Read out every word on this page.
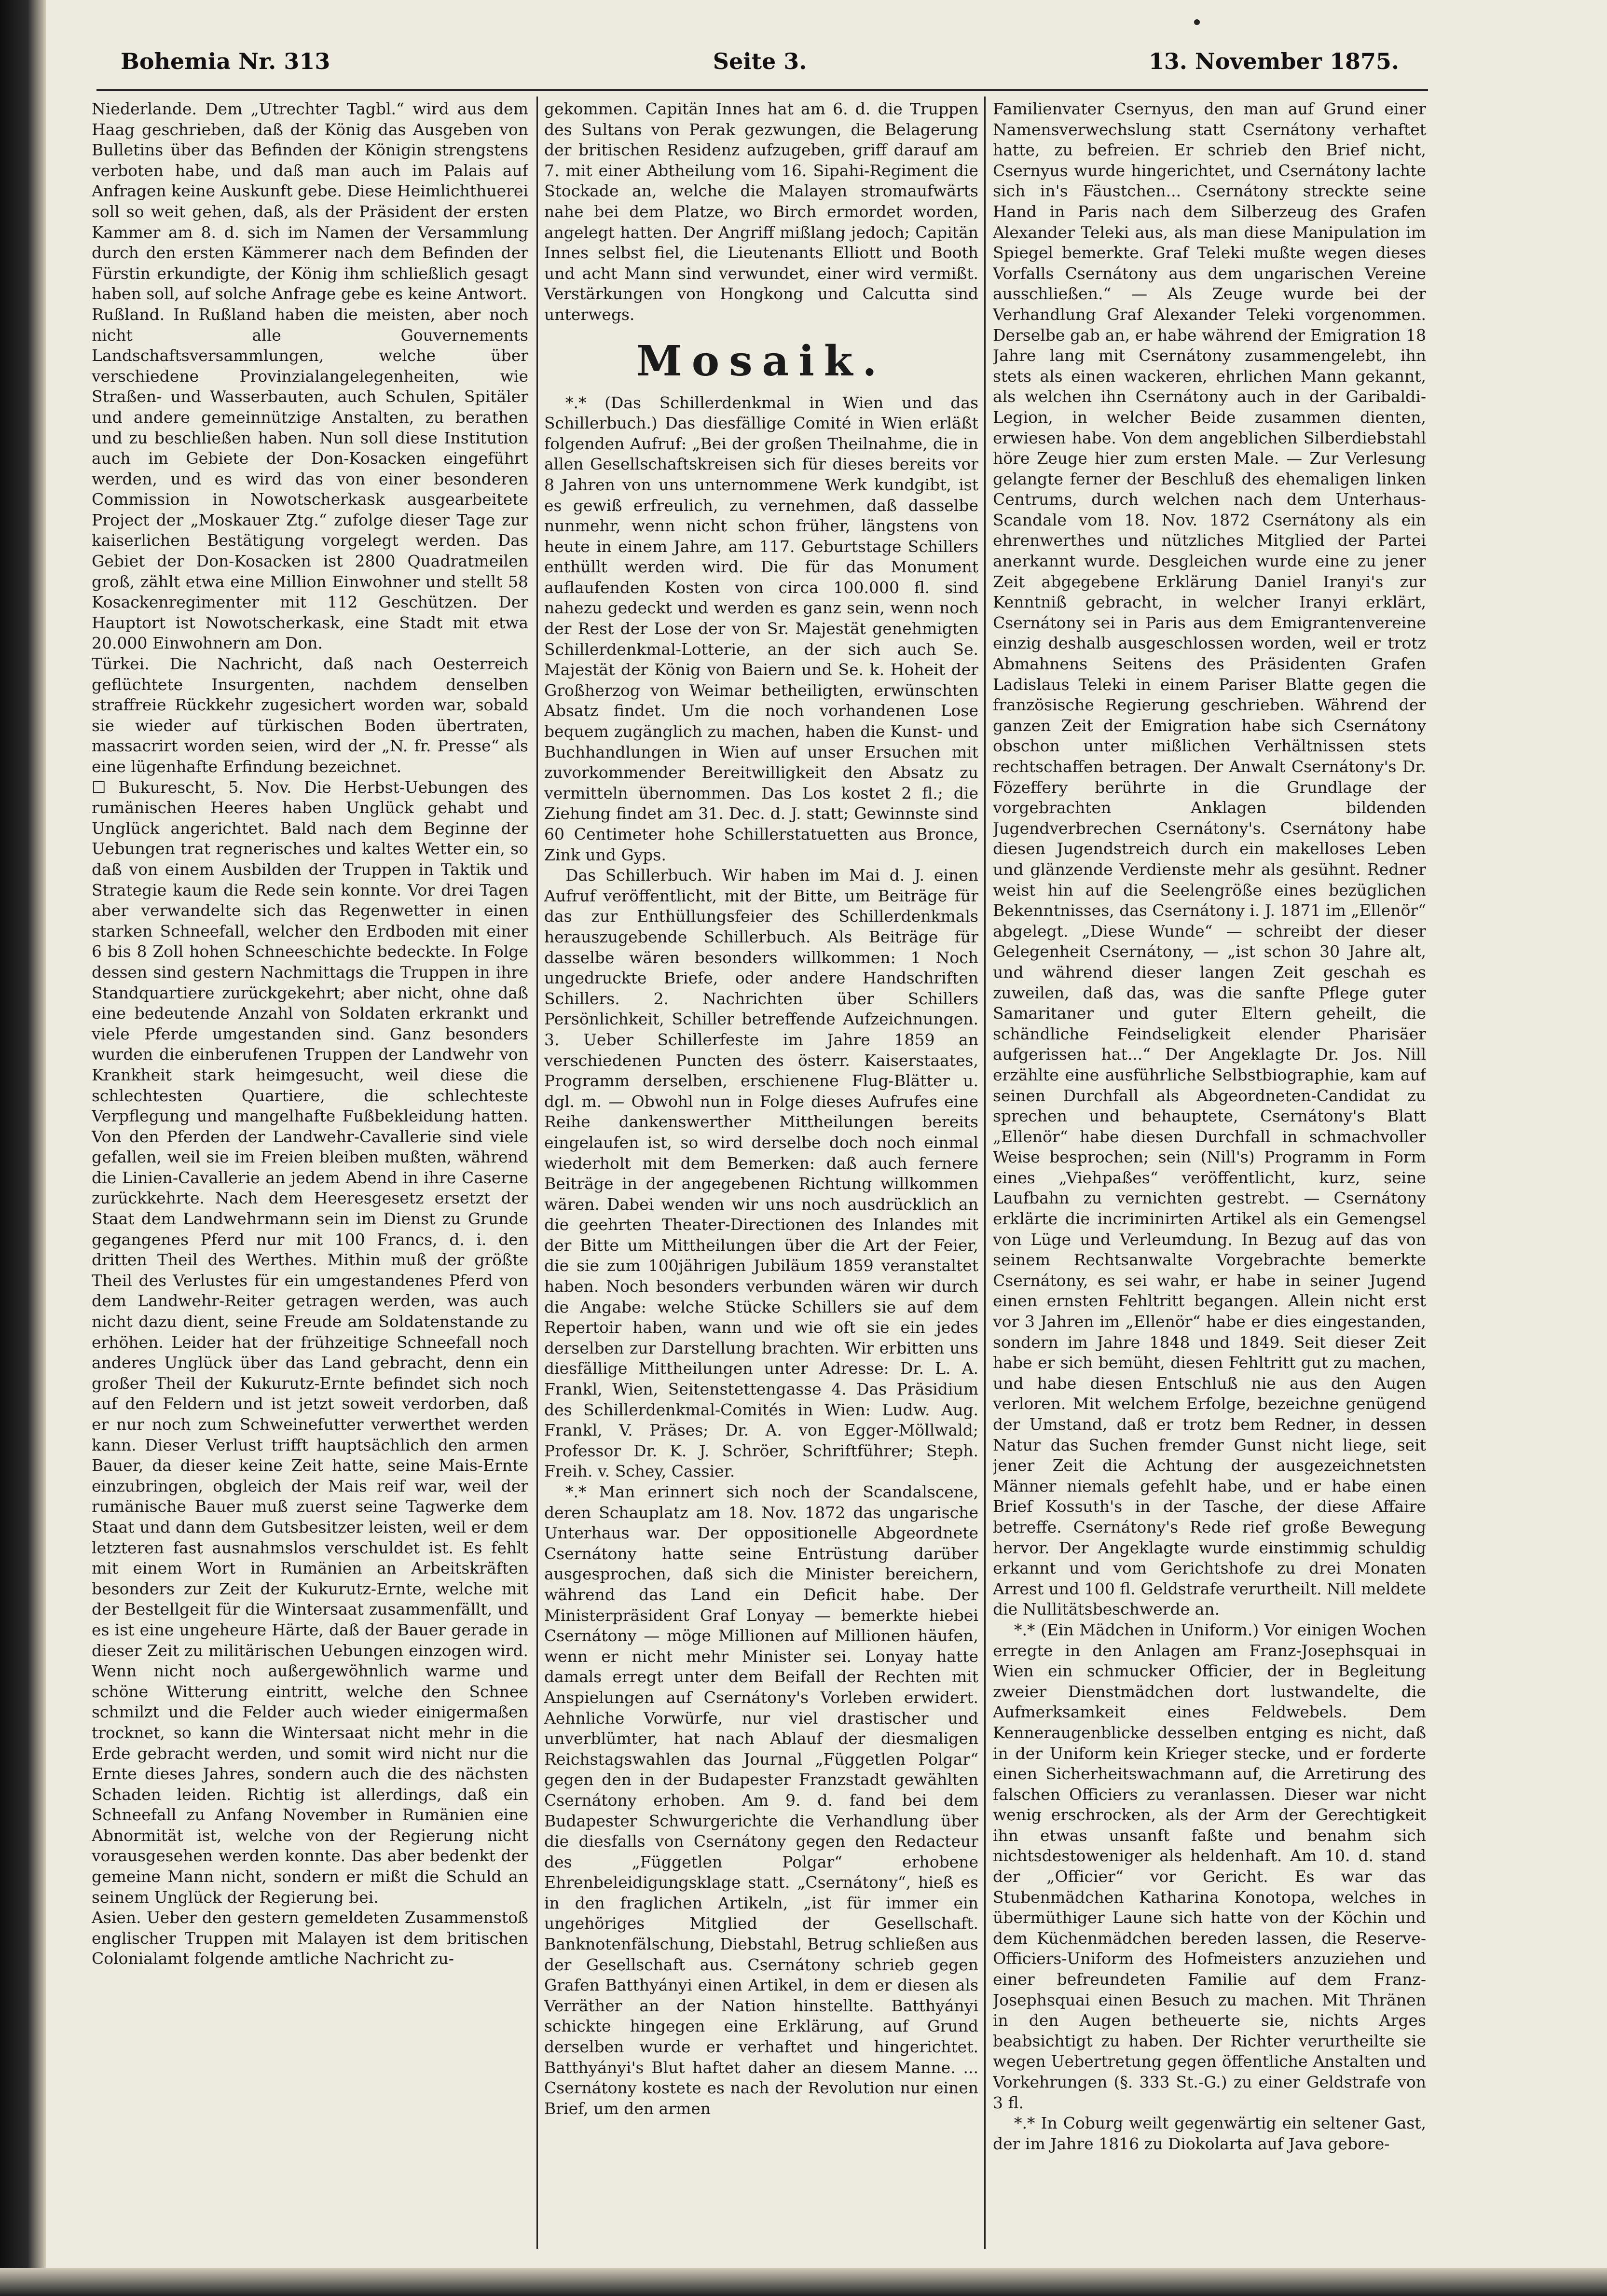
Bohemia Nr. 313	Seite 3.	13. November 1875.

Niederlande. Dem „Utrechter Tagbl.“ wird aus dem Haag geschrieben, daß der König das Ausgeben von Bulletins über das Befinden der Königin strengstens verboten habe, und daß man auch im Palais auf Anfragen keine Auskunft gebe. Diese Heimlichthuerei soll so weit gehen, daß, als der Präsident der ersten Kammer am 8. d. sich im Namen der Versammlung durch den ersten Kämmerer nach dem Befinden der Fürstin erkundigte, der König ihm schließlich gesagt haben soll, auf solche Anfrage gebe es keine Antwort.

Rußland. In Rußland haben die meisten, aber noch nicht alle Gouvernements Landschaftsversammlungen, welche über verschiedene Provinzialangelegenheiten, wie Straßen- und Wasserbauten, auch Schulen, Spitäler und andere gemeinnützige Anstalten, zu berathen und zu beschließen haben. Nun soll diese Institution auch im Gebiete der Don-Kosacken eingeführt werden, und es wird das von einer besonderen Commission in Nowotscherkask ausgearbeitete Project der „Moskauer Ztg.“ zufolge dieser Tage zur kaiserlichen Bestätigung vorgelegt werden. Das Gebiet der Don-Kosacken ist 2800 Quadratmeilen groß, zählt etwa eine Million Einwohner und stellt 58 Kosackenregimenter mit 112 Geschützen. Der Hauptort ist Nowotscherkask, eine Stadt mit etwa 20.000 Einwohnern am Don.

Türkei. Die Nachricht, daß nach Oesterreich geflüchtete Insurgenten, nachdem denselben straffreie Rückkehr zugesichert worden war, sobald sie wieder auf türkischen Boden übertraten, massacrirt worden seien, wird der „N. fr. Presse“ als eine lügenhafte Erfindung bezeichnet.

☐ Bukurescht, 5. Nov. Die Herbst-Uebungen des rumänischen Heeres haben Unglück gehabt und Unglück angerichtet. Bald nach dem Beginne der Uebungen trat regnerisches und kaltes Wetter ein, so daß von einem Ausbilden der Truppen in Taktik und Strategie kaum die Rede sein konnte. Vor drei Tagen aber verwandelte sich das Regenwetter in einen starken Schneefall, welcher den Erdboden mit einer 6 bis 8 Zoll hohen Schneeschichte bedeckte. In Folge dessen sind gestern Nachmittags die Truppen in ihre Standquartiere zurückgekehrt; aber nicht, ohne daß eine bedeutende Anzahl von Soldaten erkrankt und viele Pferde umgestanden sind. Ganz besonders wurden die einberufenen Truppen der Landwehr von Krankheit stark heimgesucht, weil diese die schlechtesten Quartiere, die schlechteste Verpflegung und mangelhafte Fußbekleidung hatten. Von den Pferden der Landwehr-Cavallerie sind viele gefallen, weil sie im Freien bleiben mußten, während die Linien-Cavallerie an jedem Abend in ihre Caserne zurückkehrte. Nach dem Heeresgesetz ersetzt der Staat dem Landwehrmann sein im Dienst zu Grunde gegangenes Pferd nur mit 100 Francs, d. i. den dritten Theil des Werthes. Mithin muß der größte Theil des Verlustes für ein umgestandenes Pferd von dem Landwehr-Reiter getragen werden, was auch nicht dazu dient, seine Freude am Soldatenstande zu erhöhen. Leider hat der frühzeitige Schneefall noch anderes Unglück über das Land gebracht, denn ein großer Theil der Kukurutz-Ernte befindet sich noch auf den Feldern und ist jetzt soweit verdorben, daß er nur noch zum Schweinefutter verwerthet werden kann. Dieser Verlust trifft hauptsächlich den armen Bauer, da dieser keine Zeit hatte, seine Mais-Ernte einzubringen, obgleich der Mais reif war, weil der rumänische Bauer muß zuerst seine Tagwerke dem Staat und dann dem Gutsbesitzer leisten, weil er dem letzteren fast ausnahmslos verschuldet ist. Es fehlt mit einem Wort in Rumänien an Arbeitskräften besonders zur Zeit der Kukurutz-Ernte, welche mit der Bestellgeit für die Wintersaat zusammenfällt, und es ist eine ungeheure Härte, daß der Bauer gerade in dieser Zeit zu militärischen Uebungen einzogen wird. Wenn nicht noch außergewöhnlich warme und schöne Witterung eintritt, welche den Schnee schmilzt und die Felder auch wieder einigermaßen trocknet, so kann die Wintersaat nicht mehr in die Erde gebracht werden, und somit wird nicht nur die Ernte dieses Jahres, sondern auch die des nächsten Schaden leiden. Richtig ist allerdings, daß ein Schneefall zu Anfang November in Rumänien eine Abnormität ist, welche von der Regierung nicht vorausgesehen werden konnte. Das aber bedenkt der gemeine Mann nicht, sondern er mißt die Schuld an seinem Unglück der Regierung bei.

Asien. Ueber den gestern gemeldeten Zusammenstoß englischer Truppen mit Malayen ist dem britischen Colonialamt folgende amtliche Nachricht zu-

gekommen. Capitän Innes hat am 6. d. die Truppen des Sultans von Perak gezwungen, die Belagerung der britischen Residenz aufzugeben, griff darauf am 7. mit einer Abtheilung vom 16. Sipahi-Regiment die Stockade an, welche die Malayen stromaufwärts nahe bei dem Platze, wo Birch ermordet worden, angelegt hatten. Der Angriff mißlang jedoch; Capitän Innes selbst fiel, die Lieutenants Elliott und Booth und acht Mann sind verwundet, einer wird vermißt. Verstärkungen von Hongkong und Calcutta sind unterwegs.

Mosaik.

*.* (Das Schillerdenkmal in Wien und das Schillerbuch.) Das diesfällige Comité in Wien erläßt folgenden Aufruf: „Bei der großen Theilnahme, die in allen Gesellschaftskreisen sich für dieses bereits vor 8 Jahren von uns unternommene Werk kundgibt, ist es gewiß erfreulich, zu vernehmen, daß dasselbe nunmehr, wenn nicht schon früher, längstens von heute in einem Jahre, am 117. Geburtstage Schillers enthüllt werden wird. Die für das Monument auflaufenden Kosten von circa 100.000 fl. sind nahezu gedeckt und werden es ganz sein, wenn noch der Rest der Lose der von Sr. Majestät genehmigten Schillerdenkmal-Lotterie, an der sich auch Se. Majestät der König von Baiern und Se. k. Hoheit der Großherzog von Weimar betheiligten, erwünschten Absatz findet. Um die noch vorhandenen Lose bequem zugänglich zu machen, haben die Kunst- und Buchhandlungen in Wien auf unser Ersuchen mit zuvorkommender Bereitwilligkeit den Absatz zu vermitteln übernommen. Das Los kostet 2 fl.; die Ziehung findet am 31. Dec. d. J. statt; Gewinnste sind 60 Centimeter hohe Schillerstatuetten aus Bronce, Zink und Gyps.

Das Schillerbuch. Wir haben im Mai d. J. einen Aufruf veröffentlicht, mit der Bitte, um Beiträge für das zur Enthüllungsfeier des Schillerdenkmals herauszugebende Schillerbuch. Als Beiträge für dasselbe wären besonders willkommen: 1 Noch ungedruckte Briefe, oder andere Handschriften Schillers. 2. Nachrichten über Schillers Persönlichkeit, Schiller betreffende Aufzeichnungen. 3. Ueber Schillerfeste im Jahre 1859 an verschiedenen Puncten des österr. Kaiserstaates, Programm derselben, erschienene Flug-Blätter u. dgl. m. — Obwohl nun in Folge dieses Aufrufes eine Reihe dankenswerther Mittheilungen bereits eingelaufen ist, so wird derselbe doch noch einmal wiederholt mit dem Bemerken: daß auch fernere Beiträge in der angegebenen Richtung willkommen wären. Dabei wenden wir uns noch ausdrücklich an die geehrten Theater-Directionen des Inlandes mit der Bitte um Mittheilungen über die Art der Feier, die sie zum 100jährigen Jubiläum 1859 veranstaltet haben. Noch besonders verbunden wären wir durch die Angabe: welche Stücke Schillers sie auf dem Repertoir haben, wann und wie oft sie ein jedes derselben zur Darstellung brachten. Wir erbitten uns diesfällige Mittheilungen unter Adresse: Dr. L. A. Frankl, Wien, Seitenstettengasse 4. Das Präsidium des Schillerdenkmal-Comités in Wien: Ludw. Aug. Frankl, V. Präses; Dr. A. von Egger-Möllwald; Professor Dr. K. J. Schröer, Schriftführer; Steph. Freih. v. Schey, Cassier.

*.* Man erinnert sich noch der Scandalscene, deren Schauplatz am 18. Nov. 1872 das ungarische Unterhaus war. Der oppositionelle Abgeordnete Csernátony hatte seine Entrüstung darüber ausgesprochen, daß sich die Minister bereichern, während das Land ein Deficit habe. Der Ministerpräsident Graf Lonyay — bemerkte hiebei Csernátony — möge Millionen auf Millionen häufen, wenn er nicht mehr Minister sei. Lonyay hatte damals erregt unter dem Beifall der Rechten mit Anspielungen auf Csernátony's Vorleben erwidert. Aehnliche Vorwürfe, nur viel drastischer und unverblümter, hat nach Ablauf der diesmaligen Reichstagswahlen das Journal „Független Polgar“ gegen den in der Budapester Franzstadt gewählten Csernátony erhoben. Am 9. d. fand bei dem Budapester Schwurgerichte die Verhandlung über die diesfalls von Csernátony gegen den Redacteur des „Független Polgar“ erhobene Ehrenbeleidigungsklage statt. „Csernátony“, hieß es in den fraglichen Artikeln, „ist für immer ein ungehöriges Mitglied der Gesellschaft. Banknotenfälschung, Diebstahl, Betrug schließen aus der Gesellschaft aus. Csernátony schrieb gegen Grafen Batthyányi einen Artikel, in dem er diesen als Verräther an der Nation hinstellte. Batthyányi schickte hingegen eine Erklärung, auf Grund derselben wurde er verhaftet und hingerichtet. Batthyányi's Blut haftet daher an diesem Manne. ... Csernátony kostete es nach der Revolution nur einen Brief, um den armen

Familienvater Csernyus, den man auf Grund einer Namensverwechslung statt Csernátony verhaftet hatte, zu befreien. Er schrieb den Brief nicht, Csernyus wurde hingerichtet, und Csernátony lachte sich in's Fäustchen... Csernátony streckte seine Hand in Paris nach dem Silberzeug des Grafen Alexander Teleki aus, als man diese Manipulation im Spiegel bemerkte. Graf Teleki mußte wegen dieses Vorfalls Csernátony aus dem ungarischen Vereine ausschließen.“ — Als Zeuge wurde bei der Verhandlung Graf Alexander Teleki vorgenommen. Derselbe gab an, er habe während der Emigration 18 Jahre lang mit Csernátony zusammengelebt, ihn stets als einen wackeren, ehrlichen Mann gekannt, als welchen ihn Csernátony auch in der Garibaldi-Legion, in welcher Beide zusammen dienten, erwiesen habe. Von dem angeblichen Silberdiebstahl höre Zeuge hier zum ersten Male. — Zur Verlesung gelangte ferner der Beschluß des ehemaligen linken Centrums, durch welchen nach dem Unterhaus-Scandale vom 18. Nov. 1872 Csernátony als ein ehrenwerthes und nützliches Mitglied der Partei anerkannt wurde. Desgleichen wurde eine zu jener Zeit abgegebene Erklärung Daniel Iranyi's zur Kenntniß gebracht, in welcher Iranyi erklärt, Csernátony sei in Paris aus dem Emigrantenvereine einzig deshalb ausgeschlossen worden, weil er trotz Abmahnens Seitens des Präsidenten Grafen Ladislaus Teleki in einem Pariser Blatte gegen die französische Regierung geschrieben. Während der ganzen Zeit der Emigration habe sich Csernátony obschon unter mißlichen Verhältnissen stets rechtschaffen betragen. Der Anwalt Csernátony's Dr. Fözeffery berührte in die Grundlage der vorgebrachten Anklagen bildenden Jugendverbrechen Csernátony's. Csernátony habe diesen Jugendstreich durch ein makelloses Leben und glänzende Verdienste mehr als gesühnt. Redner weist hin auf die Seelengröße eines bezüglichen Bekenntnisses, das Csernátony i. J. 1871 im „Ellenör“ abgelegt. „Diese Wunde“ — schreibt der dieser Gelegenheit Csernátony, — „ist schon 30 Jahre alt, und während dieser langen Zeit geschah es zuweilen, daß das, was die sanfte Pflege guter Samaritaner und guter Eltern geheilt, die schändliche Feindseligkeit elender Pharisäer aufgerissen hat...“ Der Angeklagte Dr. Jos. Nill erzählte eine ausführliche Selbstbiographie, kam auf seinen Durchfall als Abgeordneten-Candidat zu sprechen und behauptete, Csernátony's Blatt „Ellenör“ habe diesen Durchfall in schmachvoller Weise besprochen; sein (Nill's) Programm in Form eines „Viehpaßes“ veröffentlicht, kurz, seine Laufbahn zu vernichten gestrebt. — Csernátony erklärte die incriminirten Artikel als ein Gemengsel von Lüge und Verleumdung. In Bezug auf das von seinem Rechtsanwalte Vorgebrachte bemerkte Csernátony, es sei wahr, er habe in seiner Jugend einen ernsten Fehltritt begangen. Allein nicht erst vor 3 Jahren im „Ellenör“ habe er dies eingestanden, sondern im Jahre 1848 und 1849. Seit dieser Zeit habe er sich bemüht, diesen Fehltritt gut zu machen, und habe diesen Entschluß nie aus den Augen verloren. Mit welchem Erfolge, bezeichne genügend der Umstand, daß er trotz bem Redner, in dessen Natur das Suchen fremder Gunst nicht liege, seit jener Zeit die Achtung der ausgezeichnetsten Männer niemals gefehlt habe, und er habe einen Brief Kossuth's in der Tasche, der diese Affaire betreffe. Csernátony's Rede rief große Bewegung hervor. Der Angeklagte wurde einstimmig schuldig erkannt und vom Gerichtshofe zu drei Monaten Arrest und 100 fl. Geldstrafe verurtheilt. Nill meldete die Nullitätsbeschwerde an.

*.* (Ein Mädchen in Uniform.) Vor einigen Wochen erregte in den Anlagen am Franz-Josephsquai in Wien ein schmucker Officier, der in Begleitung zweier Dienstmädchen dort lustwandelte, die Aufmerksamkeit eines Feldwebels. Dem Kenneraugenblicke desselben entging es nicht, daß in der Uniform kein Krieger stecke, und er forderte einen Sicherheitswachmann auf, die Arretirung des falschen Officiers zu veranlassen. Dieser war nicht wenig erschrocken, als der Arm der Gerechtigkeit ihn etwas unsanft faßte und benahm sich nichtsdestoweniger als heldenhaft. Am 10. d. stand der „Officier“ vor Gericht. Es war das Stubenmädchen Katharina Konotopa, welches in übermüthiger Laune sich hatte von der Köchin und dem Küchenmädchen bereden lassen, die Reserve-Officiers-Uniform des Hofmeisters anzuziehen und einer befreundeten Familie auf dem Franz-Josephsquai einen Besuch zu machen. Mit Thränen in den Augen betheuerte sie, nichts Arges beabsichtigt zu haben. Der Richter verurtheilte sie wegen Uebertretung gegen öffentliche Anstalten und Vorkehrungen (§. 333 St.-G.) zu einer Geldstrafe von 3 fl.

*.* In Coburg weilt gegenwärtig ein seltener Gast, der im Jahre 1816 zu Diokolarta auf Java gebore-
